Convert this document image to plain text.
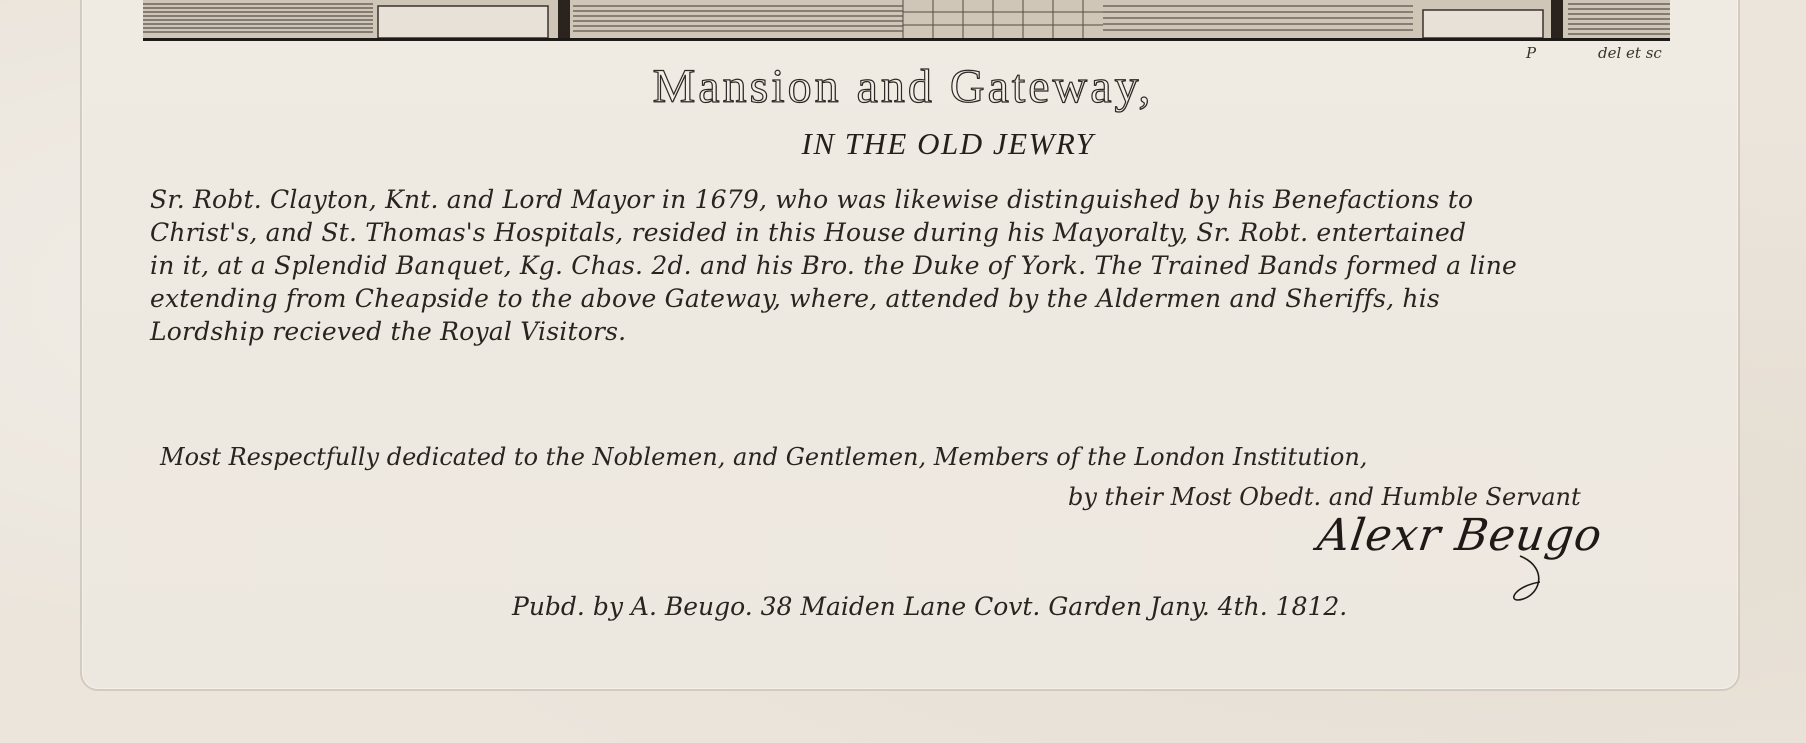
P	del et sc
Mansion and Gateway,
IN THE OLD JEWRY
Sr. Robt. Clayton, Knt. and Lord Mayor in 1679, who was likewise distinguished by his Benefactions to
Christ's, and St. Thomas's Hospitals, resided in this House during his Mayoralty, Sr. Robt. entertained
in it, at a Splendid Banquet, Kg. Chas. 2d. and his Bro. the Duke of York. The Trained Bands formed a line
extending from Cheapside to the above Gateway, where, attended by the Aldermen and Sheriffs, his
Lordship recieved the Royal Visitors.
Most Respectfully dedicated to the Noblemen, and Gentlemen, Members of the London Institution,
by their Most Obedt. and Humble Servant
Alexr Beugo
Pubd. by A. Beugo. 38 Maiden Lane Covt. Garden Jany. 4th. 1812.
